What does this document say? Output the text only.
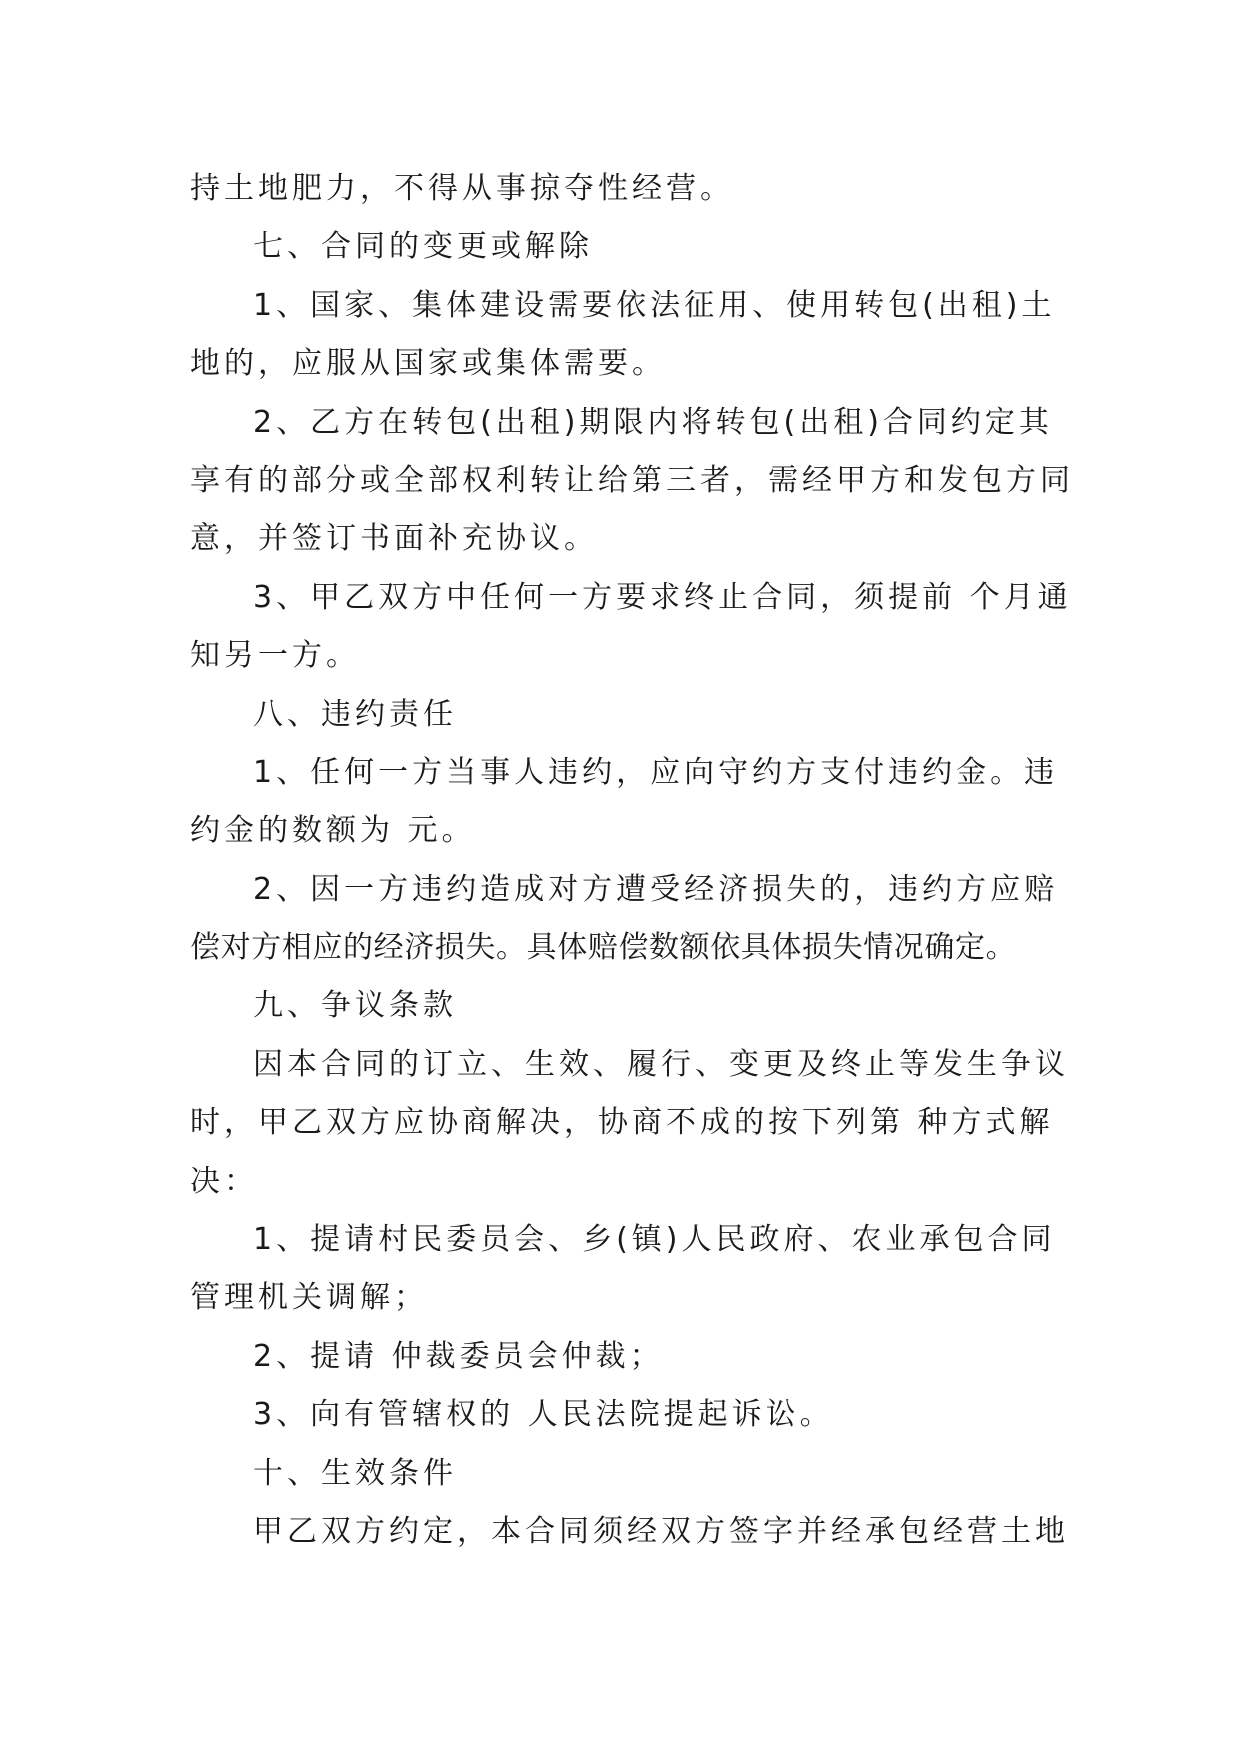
持土地肥力，不得从事掠夺性经营。
七、合同的变更或解除
1、国家、集体建设需要依法征用、使用转包(出租)土
地的，应服从国家或集体需要。
2、乙方在转包(出租)期限内将转包(出租)合同约定其
享有的部分或全部权利转让给第三者，需经甲方和发包方同
意，并签订书面补充协议。
3、甲乙双方中任何一方要求终止合同，须提前 个月通
知另一方。
八、违约责任
1、任何一方当事人违约，应向守约方支付违约金。违
约金的数额为 元。
2、因一方违约造成对方遭受经济损失的，违约方应赔
偿对方相应的经济损失。具体赔偿数额依具体损失情况确定。
九、争议条款
因本合同的订立、生效、履行、变更及终止等发生争议
时，甲乙双方应协商解决，协商不成的按下列第 种方式解
决：
1、提请村民委员会、乡(镇)人民政府、农业承包合同
管理机关调解；
2、提请 仲裁委员会仲裁；
3、向有管辖权的 人民法院提起诉讼。
十、生效条件
甲乙双方约定，本合同须经双方签字并经承包经营土地
